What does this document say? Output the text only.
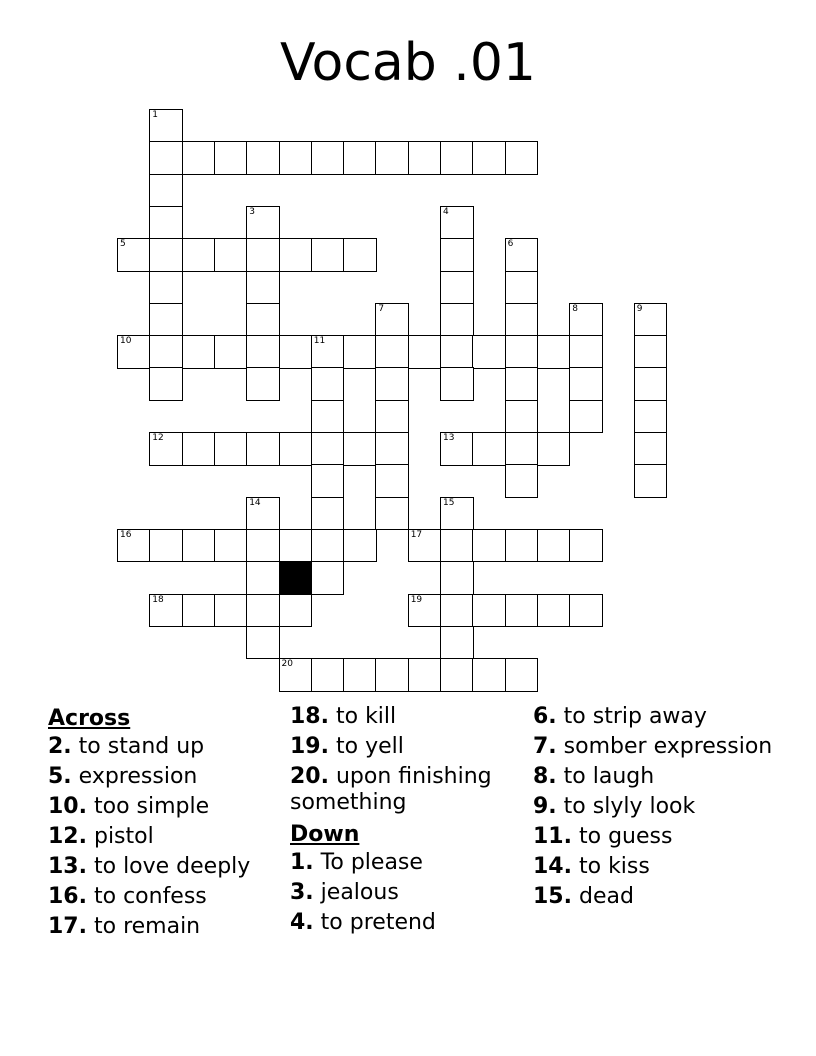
Vocab .01
1
3	4
5	6
7	8	9
10	11
12	13
14	15
16	17
18	19
20
Across
2. to stand up
5. expression
10. too simple
12. pistol
13. to love deeply
16. to confess
17. to remain
18. to kill
19. to yell
20. upon finishing something
Down
1. To please
3. jealous
4. to pretend
6. to strip away
7. somber expression
8. to laugh
9. to slyly look
11. to guess
14. to kiss
15. dead
